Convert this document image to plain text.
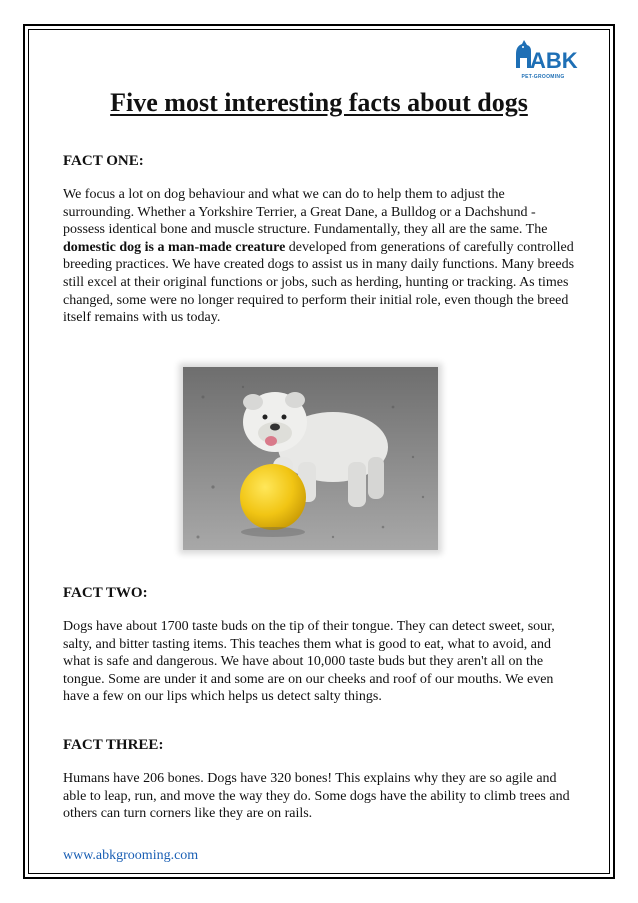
ABK
PET-GROOMING
Five most interesting facts about dogs

FACT ONE:

We focus a lot on dog behaviour and what we can do to help them to adjust the surrounding. Whether a Yorkshire Terrier, a Great Dane, a Bulldog or a Dachshund - possess identical bone and muscle structure. Fundamentally, they all are the same. The domestic dog is a man-made creature developed from generations of carefully controlled breeding practices. We have created dogs to assist us in many daily functions. Many breeds still excel at their original functions or jobs, such as herding, hunting or tracking. As times changed, some were no longer required to perform their initial role, even though the breed itself remains with us today.

FACT TWO:

Dogs have about 1700 taste buds on the tip of their tongue. They can detect sweet, sour, salty, and bitter tasting items. This teaches them what is good to eat, what to avoid, and what is safe and dangerous. We have about 10,000 taste buds but they aren't all on the tongue. Some are under it and some are on our cheeks and roof of our mouths. We even have a few on our lips which helps us detect salty things.

FACT THREE:

Humans have 206 bones. Dogs have 320 bones! This explains why they are so agile and able to leap, run, and move the way they do. Some dogs have the ability to climb trees and others can turn corners like they are on rails.

www.abkgrooming.com
